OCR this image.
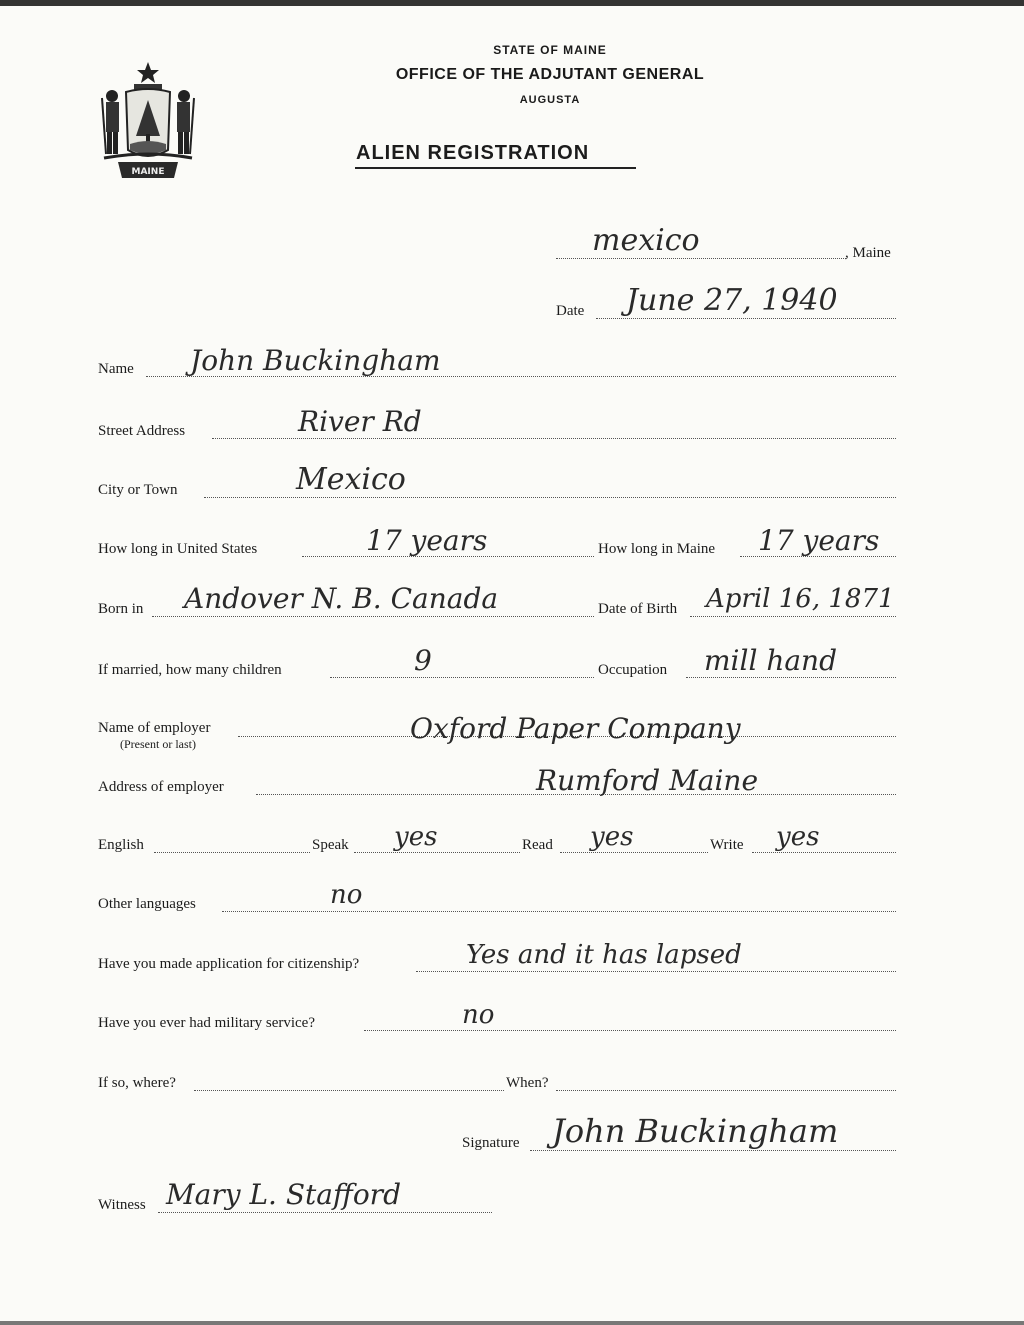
MAINE
STATE OF MAINE
OFFICE OF THE ADJUTANT GENERAL
AUGUSTA
ALIEN REGISTRATION
mexico	, Maine
Date June 27, 1940
Name John Buckingham
Street Address	River Rd
City or Town	Mexico
How long in United States	17 years	How long in Maine 17 years
Born in Andover N. B. Canada	Date of Birth April 16, 1871
If married, how many children	9	Occupation mill hand
Name of employer
(Present or last)	Oxford Paper Company
Address of employer	Rumford Maine
English	Speak yes	Read yes	Write yes
Other languages	no
Have you made application for citizenship?	Yes and it has lapsed
Have you ever had military service?	no
If so, where?	When?
Signature John Buckingham
Witness Mary L. Stafford
